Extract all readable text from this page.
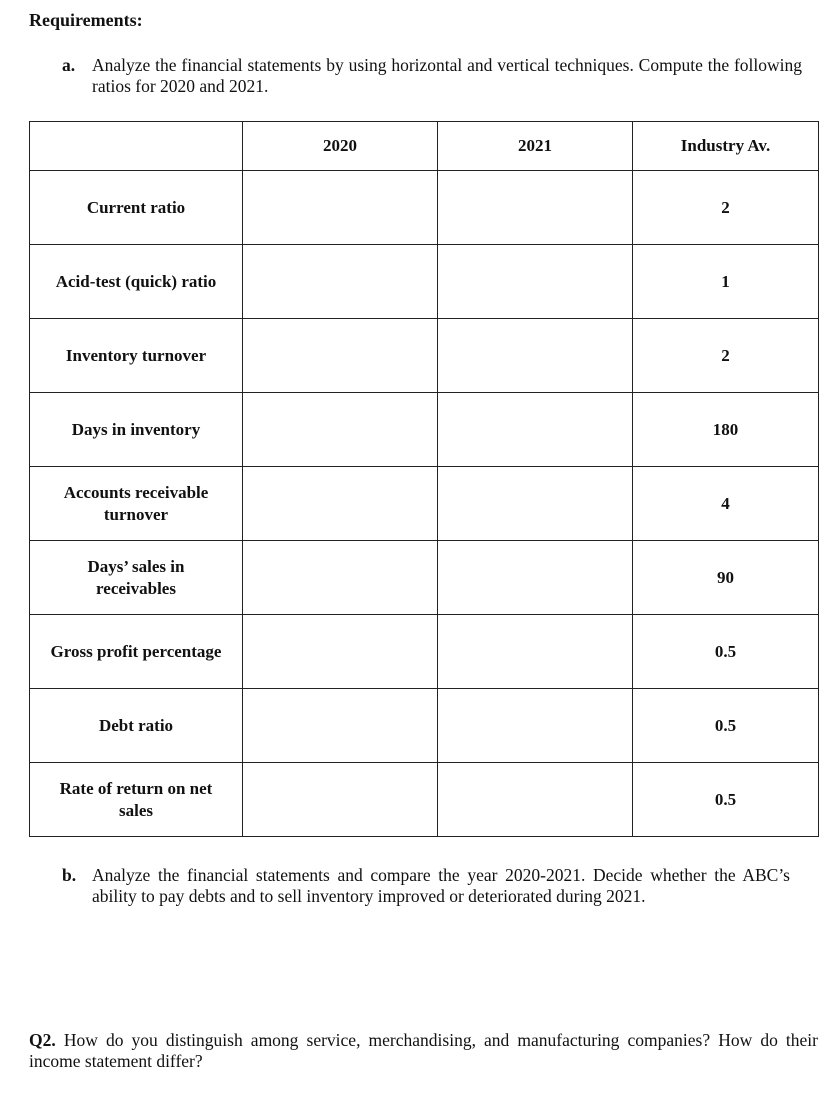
Requirements:
a. Analyze the financial statements by using horizontal and vertical techniques. Compute the following ratios for 2020 and 2021.
	2020	2021	Industry Av.
Current ratio			2
Acid-test (quick) ratio			1
Inventory turnover			2
Days in inventory			180
Accounts receivable turnover			4
Days’ sales in receivables			90
Gross profit percentage			0.5
Debt ratio			0.5
Rate of return on net sales			0.5
b. Analyze the financial statements and compare the year 2020-2021. Decide whether the ABC’s ability to pay debts and to sell inventory improved or deteriorated during 2021.

Q2. How do you distinguish among service, merchandising, and manufacturing companies? How do their income statement differ?
